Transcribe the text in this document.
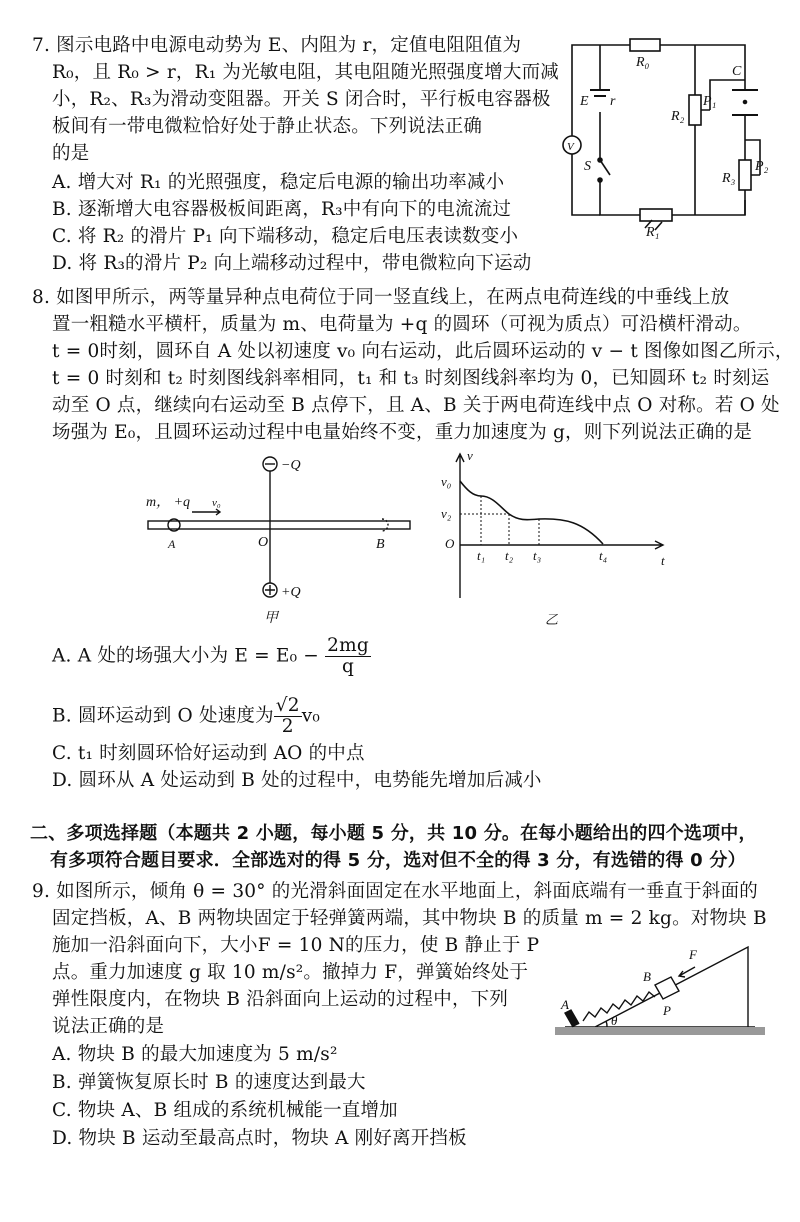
7. 图示电路中电源电动势为 E、内阻为 r，定值电阻阻值为
R₀，且 R₀ > r，R₁ 为光敏电阻，其电阻随光照强度增大而减
小，R₂、R₃为滑动变阻器。开关 S 闭合时，平行板电容器极
板间有一带电微粒恰好处于静止状态。下列说法正确
的是
A. 增大对 R₁ 的光照强度，稳定后电源的输出功率减小
B. 逐渐增大电容器极板间距离，R₃中有向下的电流流过
C. 将 R₂ 的滑片 P₁ 向下端移动，稳定后电压表读数变小
D. 将 R₃的滑片 P₂ 向上端移动过程中，带电微粒向下运动
R₀
E r
S
V
R₂
P₁
C
R₃
P₂
R₁
8. 如图甲所示，两等量异种点电荷位于同一竖直线上，在两点电荷连线的中垂线上放
置一粗糙水平横杆，质量为 m、电荷量为 +q 的圆环（可视为质点）可沿横杆滑动。
t = 0时刻，圆环自 A 处以初速度 v₀ 向右运动，此后圆环运动的 v − t 图像如图乙所示，
t = 0 时刻和 t₂ 时刻图线斜率相同，t₁ 和 t₃ 时刻图线斜率均为 0，已知圆环 t₂ 时刻运
动至 O 点，继续向右运动至 B 点停下，且 A、B 关于两电荷连线中点 O 对称。若 O 处
场强为 E₀，且圆环运动过程中电量始终不变，重力加速度为 g，则下列说法正确的是
−Q
+Q
m， +q v₀
A	O	B
甲
v
t
v₀
v₂
O
t₁ t₂ t₃	t₄
乙
A. A 处的场强大小为 $E = E_0 - \frac{2mg}{q}$
B. 圆环运动到 O 处速度为 $\frac{√2}{2} v_0$
C. t₁ 时刻圆环恰好运动到 AO 的中点
D. 圆环从 A 处运动到 B 处的过程中，电势能先增加后减小
二、多项选择题（本题共 2 小题，每小题 5 分，共 10 分。在每小题给出的四个选项中，
有多项符合题目要求．全部选对的得 5 分，选对但不全的得 3 分，有选错的得 0 分）
9. 如图所示，倾角 θ = 30° 的光滑斜面固定在水平地面上，斜面底端有一垂直于斜面的
固定挡板，A、B 两物块固定于轻弹簧两端，其中物块 B 的质量 m = 2 kg。对物块 B
施加一沿斜面向下，大小F = 10 N的压力，使 B 静止于 P
点。重力加速度 g 取 10 m/s²。撤掉力 F，弹簧始终处于
弹性限度内，在物块 B 沿斜面向上运动的过程中，下列
说法正确的是
A. 物块 B 的最大加速度为 5 m/s²
B. 弹簧恢复原长时 B 的速度达到最大
C. 物块 A、B 组成的系统机械能一直增加
D. 物块 B 运动至最高点时，物块 A 刚好离开挡板
F
B
P
A
θ
